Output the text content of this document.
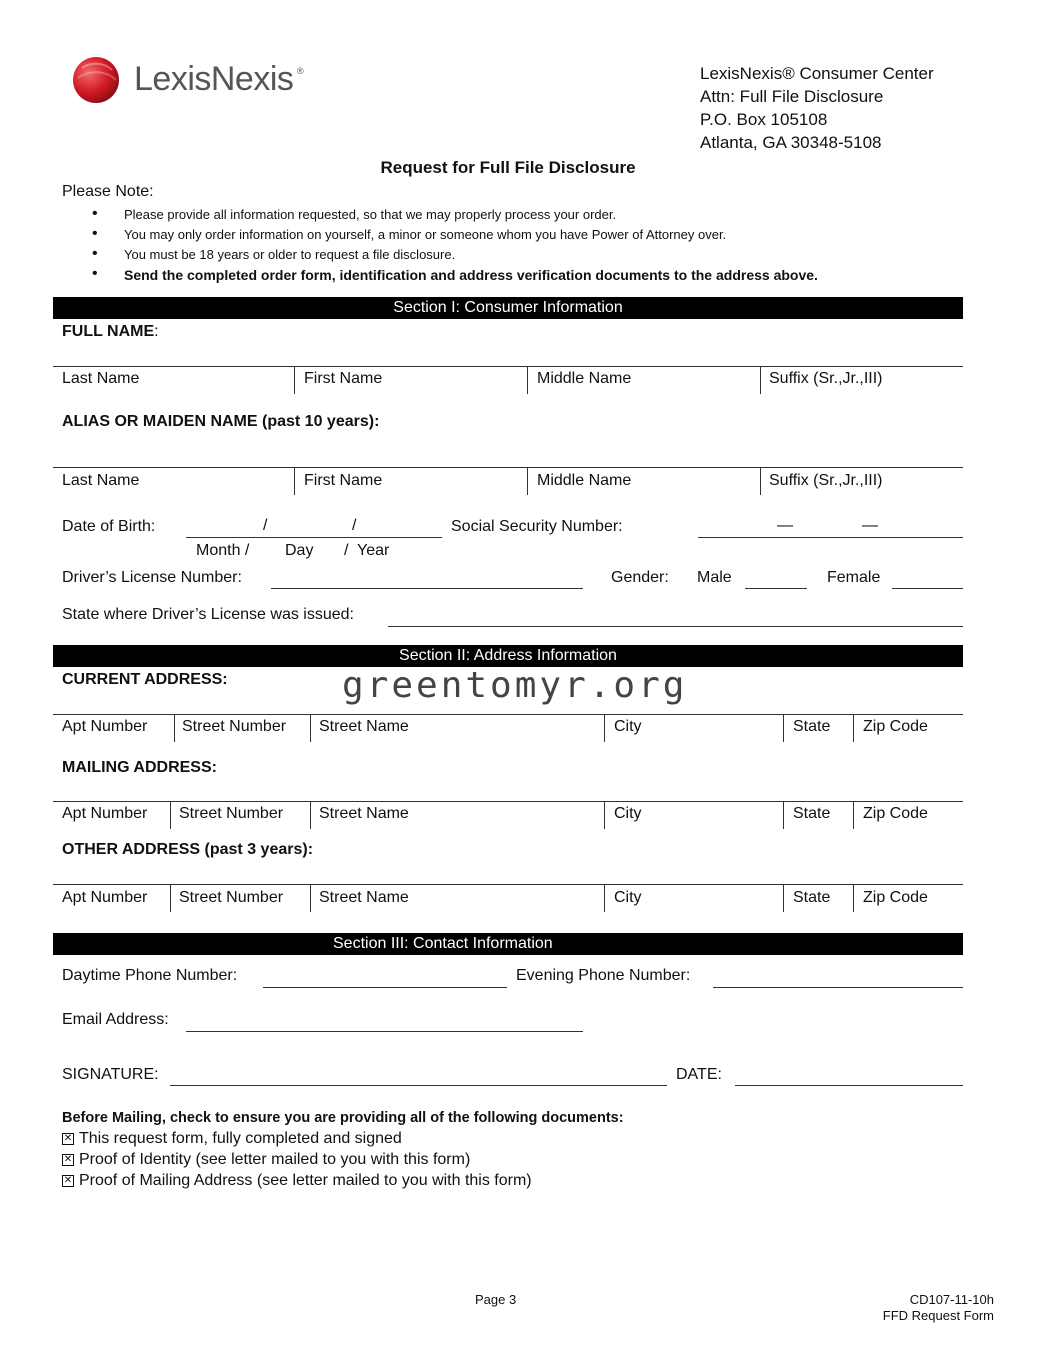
LexisNexis ®	LexisNexis® Consumer Center
Attn: Full File Disclosure
P.O. Box 105108
Atlanta, GA 30348-5108
Request for Full File Disclosure
Please Note:
• Please provide all information requested, so that we may properly process your order.
• You may only order information on yourself, a minor or someone whom you have Power of Attorney over.
• You must be 18 years or older to request a file disclosure.
• Send the completed order form, identification and address verification documents to the address above.
Section I: Consumer Information
FULL NAME:
Last Name	First Name	Middle Name	Suffix (Sr.,Jr.,III)
ALIAS OR MAIDEN NAME (past 10 years):
Last Name	First Name	Middle Name	Suffix (Sr.,Jr.,III)
Date of Birth:	/	/
Month / Day /  Year
Social Security Number:	—	—
Driver’s License Number:	Gender: Male	Female
State where Driver’s License was issued:
Section II: Address Information
CURRENT ADDRESS:	greentomyr.org
Apt Number Street Number Street Name	City	State Zip Code
MAILING ADDRESS:
Apt Number Street Number Street Name	City	State Zip Code
OTHER ADDRESS (past 3 years):
Apt Number Street Number Street Name	City	State Zip Code
Section III: Contact Information
Daytime Phone Number:	Evening Phone Number:
Email Address:
SIGNATURE:	DATE:
Before Mailing, check to ensure you are providing all of the following documents:
✕ This request form, fully completed and signed
✕ Proof of Identity (see letter mailed to you with this form)
✕ Proof of Mailing Address (see letter mailed to you with this form)
Page 3	CD107-11-10h
FFD Request Form
